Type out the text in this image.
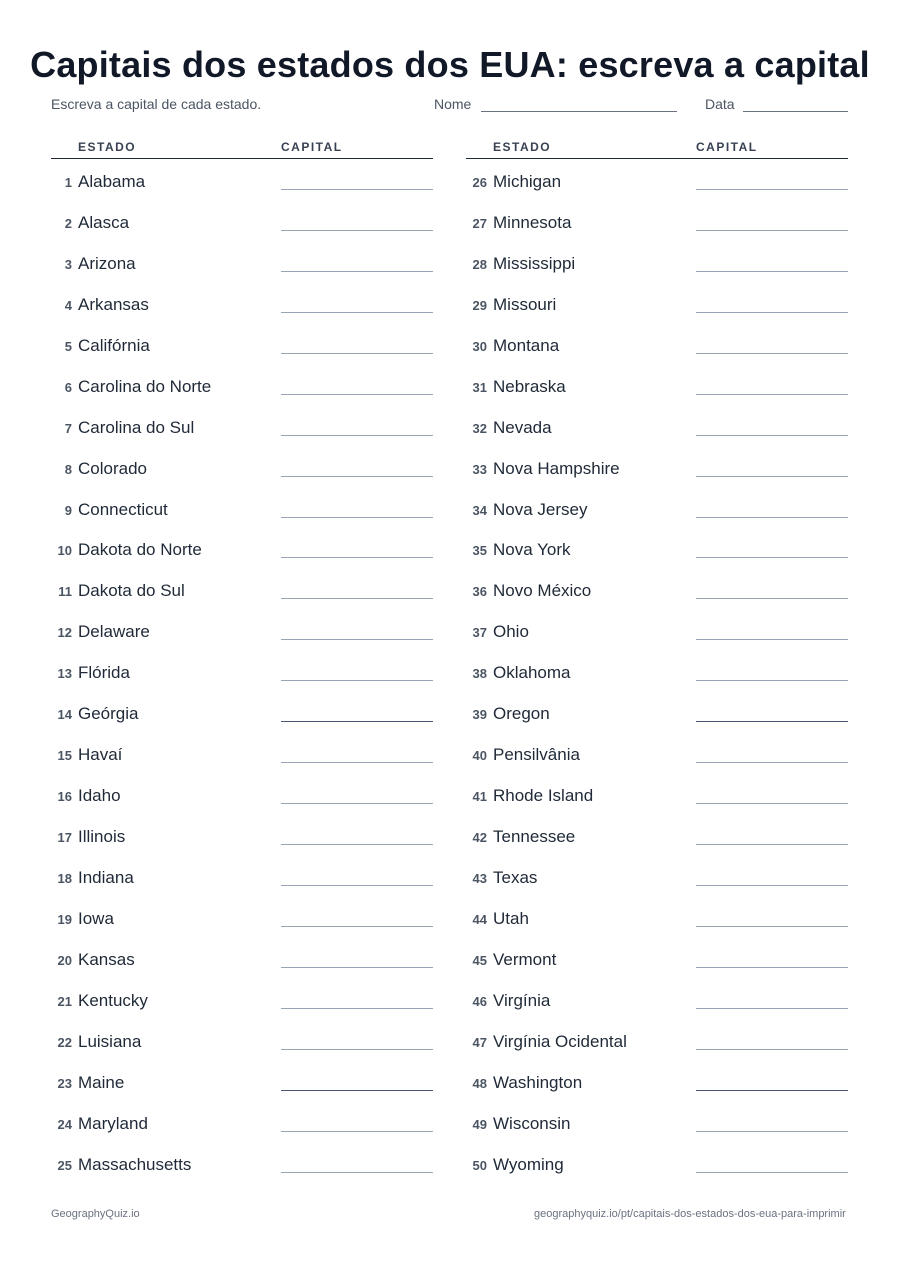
Capitais dos estados dos EUA: escreva a capital
Escreva a capital de cada estado.	Nome	Data
ESTADO	CAPITAL
1 Alabama
2 Alasca
3 Arizona
4 Arkansas
5 Califórnia
6 Carolina do Norte
7 Carolina do Sul
8 Colorado
9 Connecticut
10 Dakota do Norte
11 Dakota do Sul
12 Delaware
13 Flórida
14 Geórgia
15 Havaí
16 Idaho
17 Illinois
18 Indiana
19 Iowa
20 Kansas
21 Kentucky
22 Luisiana
23 Maine
24 Maryland
25 Massachusetts
ESTADO	CAPITAL
26 Michigan
27 Minnesota
28 Mississippi
29 Missouri
30 Montana
31 Nebraska
32 Nevada
33 Nova Hampshire
34 Nova Jersey
35 Nova York
36 Novo México
37 Ohio
38 Oklahoma
39 Oregon
40 Pensilvânia
41 Rhode Island
42 Tennessee
43 Texas
44 Utah
45 Vermont
46 Virgínia
47 Virgínia Ocidental
48 Washington
49 Wisconsin
50 Wyoming
GeographyQuiz.io	geographyquiz.io/pt/capitais-dos-estados-dos-eua-para-imprimir
